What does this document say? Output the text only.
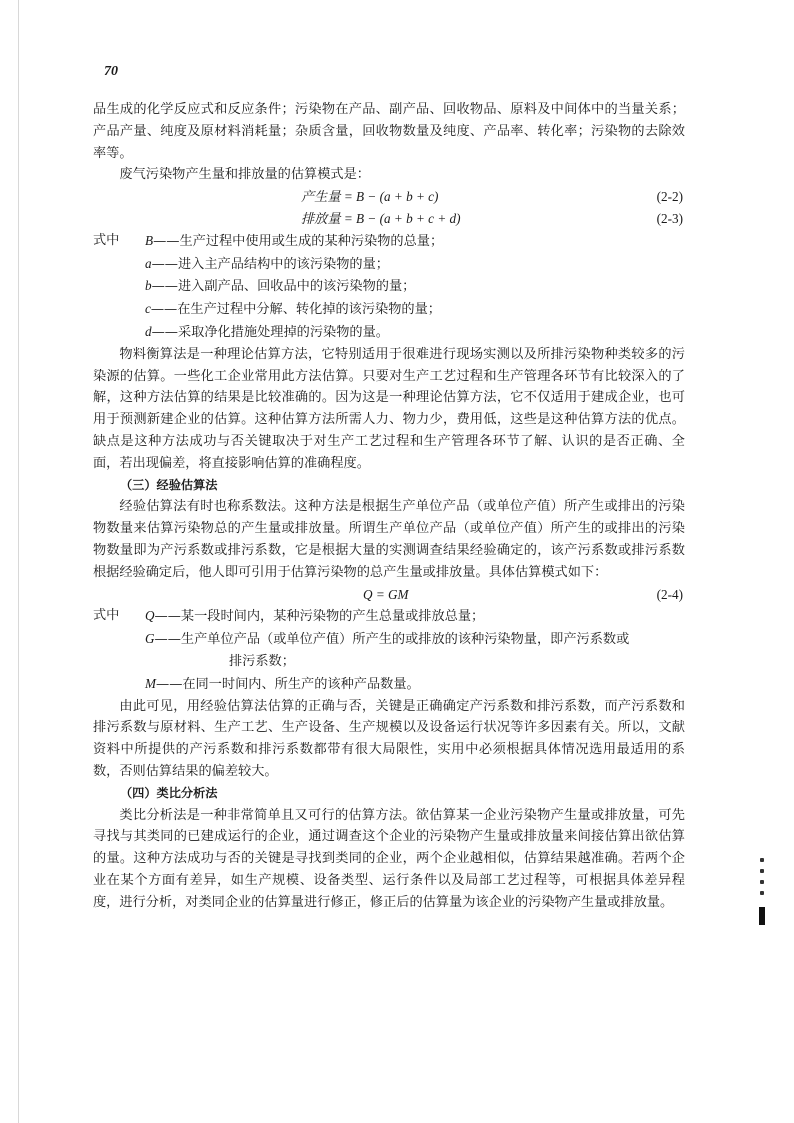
70

品生成的化学反应式和反应条件；污染物在产品、副产品、回收物品、原料及中间体中的当量关系；产品产量、纯度及原材料消耗量；杂质含量，回收物数量及纯度、产品率、转化率；污染物的去除效率等。

废气污染物产生量和排放量的估算模式是：

产生量 = B − (a + b + c)	(2-2)
排放量 = B − (a + b + c + d)	(2-3)
式中	B——生产过程中使用或生成的某种污染物的总量；
a——进入主产品结构中的该污染物的量；
b——进入副产品、回收品中的该污染物的量；
c——在生产过程中分解、转化掉的该污染物的量；
d——采取净化措施处理掉的污染物的量。

物料衡算法是一种理论估算方法，它特别适用于很难进行现场实测以及所排污染物种类较多的污染源的估算。一些化工企业常用此方法估算。只要对生产工艺过程和生产管理各环节有比较深入的了解，这种方法估算的结果是比较准确的。因为这是一种理论估算方法，它不仅适用于建成企业，也可用于预测新建企业的估算。这种估算方法所需人力、物力少，费用低，这些是这种估算方法的优点。缺点是这种方法成功与否关键取决于对生产工艺过程和生产管理各环节了解、认识的是否正确、全面，若出现偏差，将直接影响估算的准确程度。

（三）经验估算法

经验估算法有时也称系数法。这种方法是根据生产单位产品（或单位产值）所产生或排出的污染物数量来估算污染物总的产生量或排放量。所谓生产单位产品（或单位产值）所产生的或排出的污染物数量即为产污系数或排污系数，它是根据大量的实测调查结果经验确定的，该产污系数或排污系数根据经验确定后，他人即可引用于估算污染物的总产生量或排放量。具体估算模式如下：

Q = GM	(2-4)
式中	Q——某一段时间内，某种污染物的产生总量或排放总量；
G——生产单位产品（或单位产值）所产生的或排放的该种污染物量，即产污系数或
排污系数；
M——在同一时间内、所生产的该种产品数量。

由此可见，用经验估算法估算的正确与否，关键是正确确定产污系数和排污系数，而产污系数和排污系数与原材料、生产工艺、生产设备、生产规模以及设备运行状况等许多因素有关。所以，文献资料中所提供的产污系数和排污系数都带有很大局限性，实用中必须根据具体情况选用最适用的系数，否则估算结果的偏差较大。

（四）类比分析法

类比分析法是一种非常简单且又可行的估算方法。欲估算某一企业污染物产生量或排放量，可先寻找与其类同的已建成运行的企业，通过调查这个企业的污染物产生量或排放量来间接估算出欲估算的量。这种方法成功与否的关键是寻找到类同的企业，两个企业越相似，估算结果越准确。若两个企业在某个方面有差异，如生产规模、设备类型、运行条件以及局部工艺过程等，可根据具体差异程度，进行分析，对类同企业的估算量进行修正，修正后的估算量为该企业的污染物产生量或排放量。
